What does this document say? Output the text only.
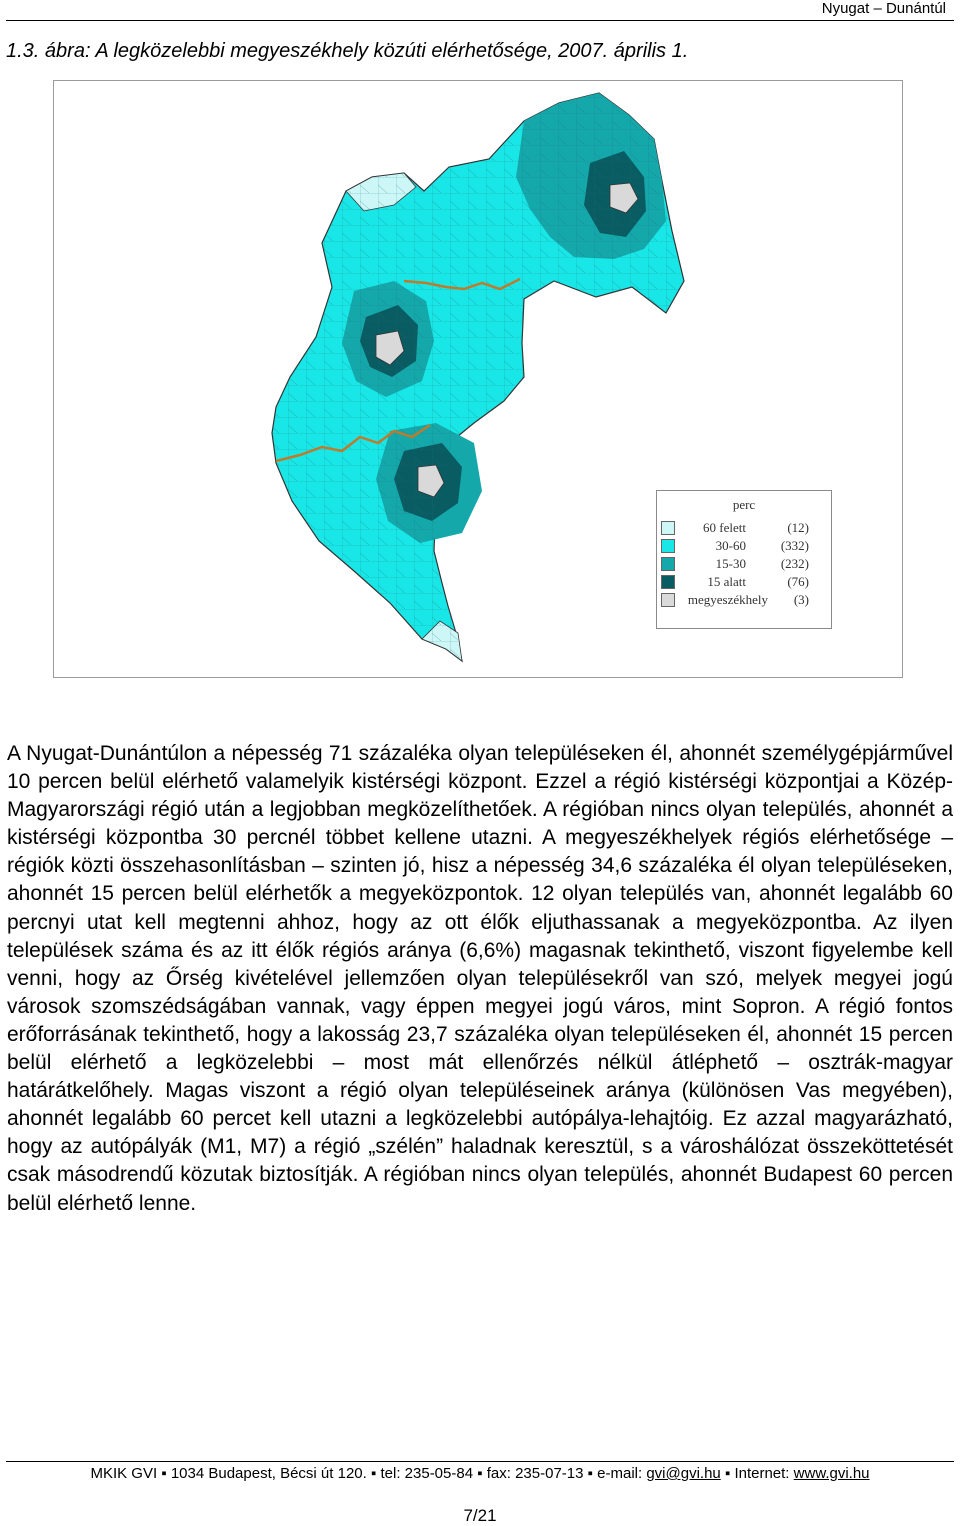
Nyugat – Dunántúl
1.3. ábra: A legközelebbi megyeszékhely közúti elérhetősége, 2007. április 1.
perc
60 felett	(12)
30-60	(332)
15-30	(232)
15 alatt	(76)
megyeszékhely (3)

A Nyugat-Dunántúlon a népesség 71 százaléka olyan településeken él, ahonnét személygépjárművel 10 percen belül elérhető valamelyik kistérségi központ. Ezzel a régió kistérségi központjai a Közép-Magyarországi régió után a legjobban megközelíthetőek. A régióban nincs olyan település, ahonnét a kistérségi központba 30 percnél többet kellene utazni. A megyeszékhelyek régiós elérhetősége – régiók közti összehasonlításban – szinten jó, hisz a népesség 34,6 százaléka él olyan településeken, ahonnét 15 percen belül elérhetők a megyeközpontok. 12 olyan település van, ahonnét legalább 60 percnyi utat kell megtenni ahhoz, hogy az ott élők eljuthassanak a megyeközpontba. Az ilyen települések száma és az itt élők régiós aránya (6,6%) magasnak tekinthető, viszont figyelembe kell venni, hogy az Őrség kivételével jellemzően olyan településekről van szó, melyek megyei jogú városok szomszédságában vannak, vagy éppen megyei jogú város, mint Sopron. A régió fontos erőforrásának tekinthető, hogy a lakosság 23,7 százaléka olyan településeken él, ahonnét 15 percen belül elérhető a legközelebbi – most mát ellenőrzés nélkül átléphető – osztrák-magyar határátkelőhely. Magas viszont a régió olyan településeinek aránya (különösen Vas megyében), ahonnét legalább 60 percet kell utazni a legközelebbi autópálya-lehajtóig. Ez azzal magyarázható, hogy az autópályák (M1, M7) a régió „szélén” haladnak keresztül, s a városhálózat összeköttetését csak másodrendű közutak biztosítják. A régióban nincs olyan település, ahonnét Budapest 60 percen belül elérhető lenne.

MKIK GVI ▪ 1034 Budapest, Bécsi út 120. ▪ tel: 235-05-84 ▪ fax: 235-07-13 ▪ e-mail: gvi@gvi.hu ▪ Internet: www.gvi.hu
7/21
